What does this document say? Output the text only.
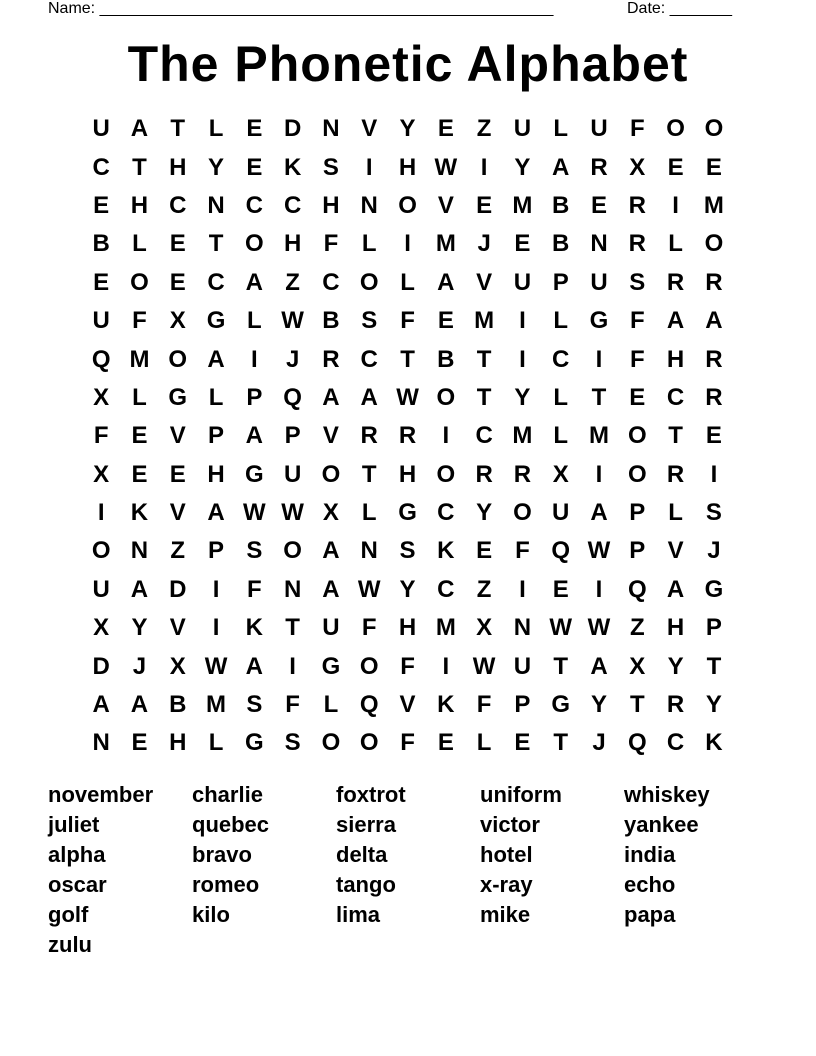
Name: ___________________________________________________	Date: _______
The Phonetic Alphabet
U A T L E D N V Y E Z U L U F O O
C T H Y E K S	I	H W I	Y A R X E E
E H C N C C H N O V E M B E R	I	M
B L E T O H F L	I	M J E B N R L O
E O E C A Z C O L A V U P U S R R
U F X G L W B S F E M	I	L G F A A
Q M O A	I	J R C T B T	I	C	I	F H R
X L G L P Q A A W O T Y L T E C R
F E V P A P V R R	I	C M L M O T E
X E E H G U O T H O R R X	I	O R	I
I	K V A W W X L G C Y O U A P L S
O N Z P S O A N S K E F Q W P V J
U A D	I	F N A W Y C Z	I	E	I	Q A G
X Y V	I	K T U F H M X N W W Z H P
D J X W A	I	G O F	I W U T A X Y T
A A B M S F L Q V K F P G Y T R Y
N E H L G S O O F E L E T	J Q C K
november	charlie	foxtrot	uniform	whiskey
juliet	quebec	sierra	victor	yankee
alpha	bravo	delta	hotel	india
oscar	romeo	tango	x-ray	echo
golf	kilo	lima	mike	papa
zulu
